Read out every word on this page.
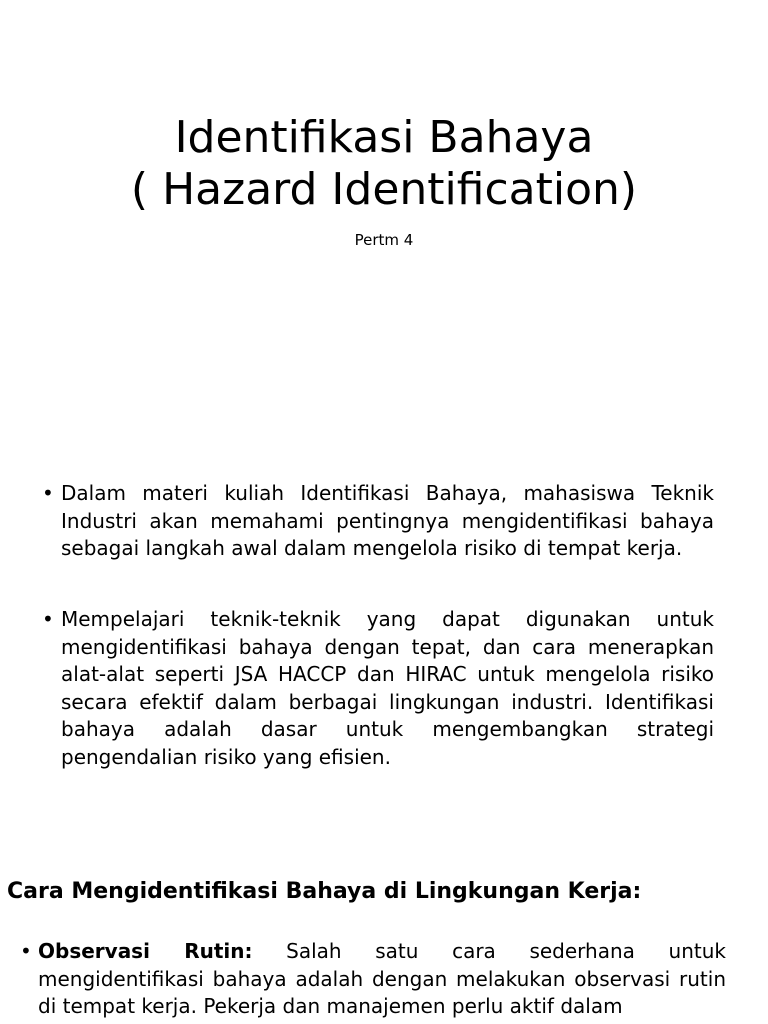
Identifikasi Bahaya
( Hazard Identification)
Pertm 4
• Dalam materi kuliah Identifikasi Bahaya, mahasiswa Teknik Industri akan memahami pentingnya mengidentifikasi bahaya sebagai langkah awal dalam mengelola risiko di tempat kerja.
• Mempelajari teknik-teknik yang dapat digunakan untuk mengidentifikasi bahaya dengan tepat, dan cara menerapkan alat-alat seperti JSA HACCP dan HIRAC untuk mengelola risiko secara efektif dalam berbagai lingkungan industri. Identifikasi bahaya adalah dasar untuk mengembangkan strategi pengendalian risiko yang efisien.
Cara Mengidentifikasi Bahaya di Lingkungan Kerja:
• Observasi Rutin: Salah satu cara sederhana untuk mengidentifikasi bahaya adalah dengan melakukan observasi rutin di tempat kerja. Pekerja dan manajemen perlu aktif dalam
